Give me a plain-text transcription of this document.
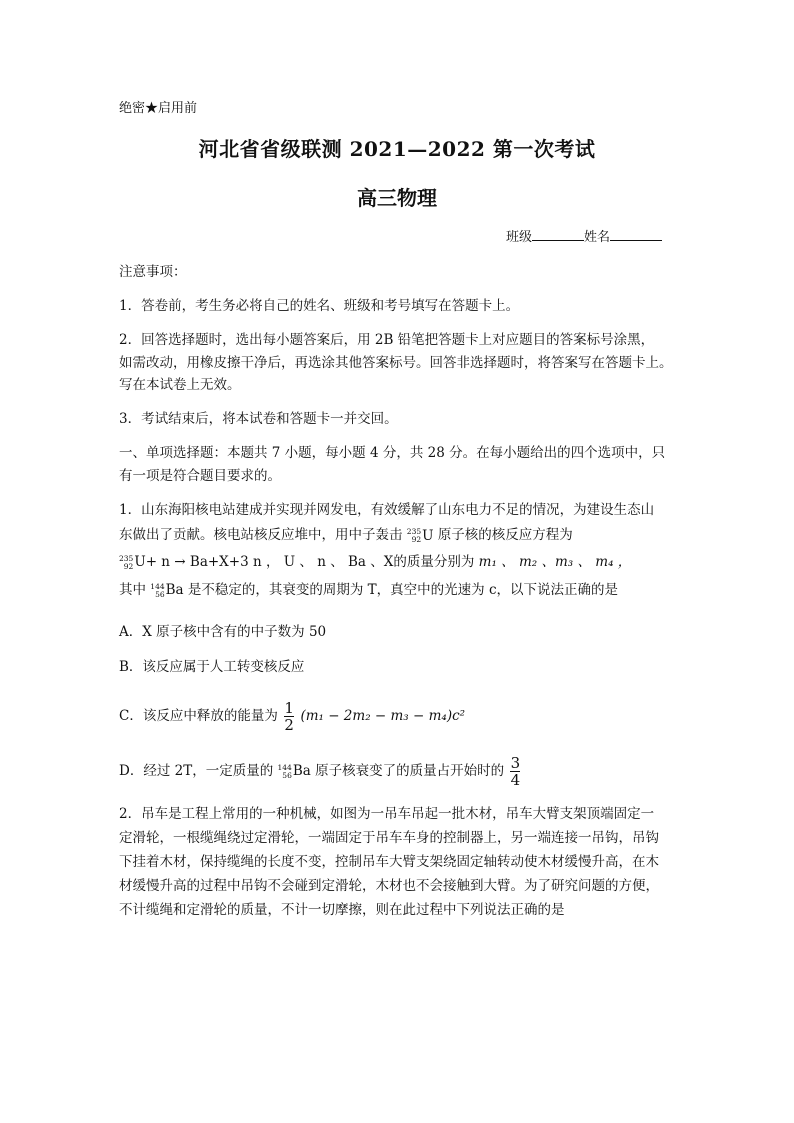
绝密★启用前
河北省省级联测 2021—2022 第一次考试
高三物理
班级	姓名
注意事项：
1．答卷前，考生务必将自己的姓名、班级和考号填写在答题卡上。
2．回答选择题时，选出每小题答案后，用 2B 铅笔把答题卡上对应题目的答案标号涂黑，
如需改动，用橡皮擦干净后，再选涂其他答案标号。回答非选择题时，将答案写在答题卡上。
写在本试卷上无效。
3．考试结束后，将本试卷和答题卡一并交回。
一、单项选择题：本题共 7 小题，每小题 4 分，共 28 分。在每小题给出的四个选项中，只
有一项是符合题目要求的。
1．山东海阳核电站建成并实现并网发电，有效缓解了山东电力不足的情况，为建设生态山
东做出了贡献。核电站核反应堆中，用中子轰击 235
92 U 原子核的核反应方程为
235
92 U+ n → Ba+X+3 n ， U 、 n 、 Ba 、X的质量分别为 m₁ 、 m₂ 、m₃ 、 m₄ ，
其中 144
56 Ba 是不稳定的，其衰变的周期为 T，真空中的光速为 c，以下说法正确的是
A．X 原子核中含有的中子数为 50
B．该反应属于人工转变核反应
C．该反应中释放的能量为 $\frac{1}{2} (m_1 - 2m_2 - m_3 - m_4)c^2$
D．经过 2T，一定质量的 144
56 Ba 原子核衰变了的质量占开始时的 $\frac{3}{4}$
2．吊车是工程上常用的一种机械，如图为一吊车吊起一批木材，吊车大臂支架顶端固定一
定滑轮，一根缆绳绕过定滑轮，一端固定于吊车车身的控制器上，另一端连接一吊钩，吊钩
下挂着木材，保持缆绳的长度不变，控制吊车大臂支架绕固定轴转动使木材缓慢升高，在木
材缓慢升高的过程中吊钩不会碰到定滑轮，木材也不会接触到大臂。为了研究问题的方便，
不计缆绳和定滑轮的质量，不计一切摩擦，则在此过程中下列说法正确的是
